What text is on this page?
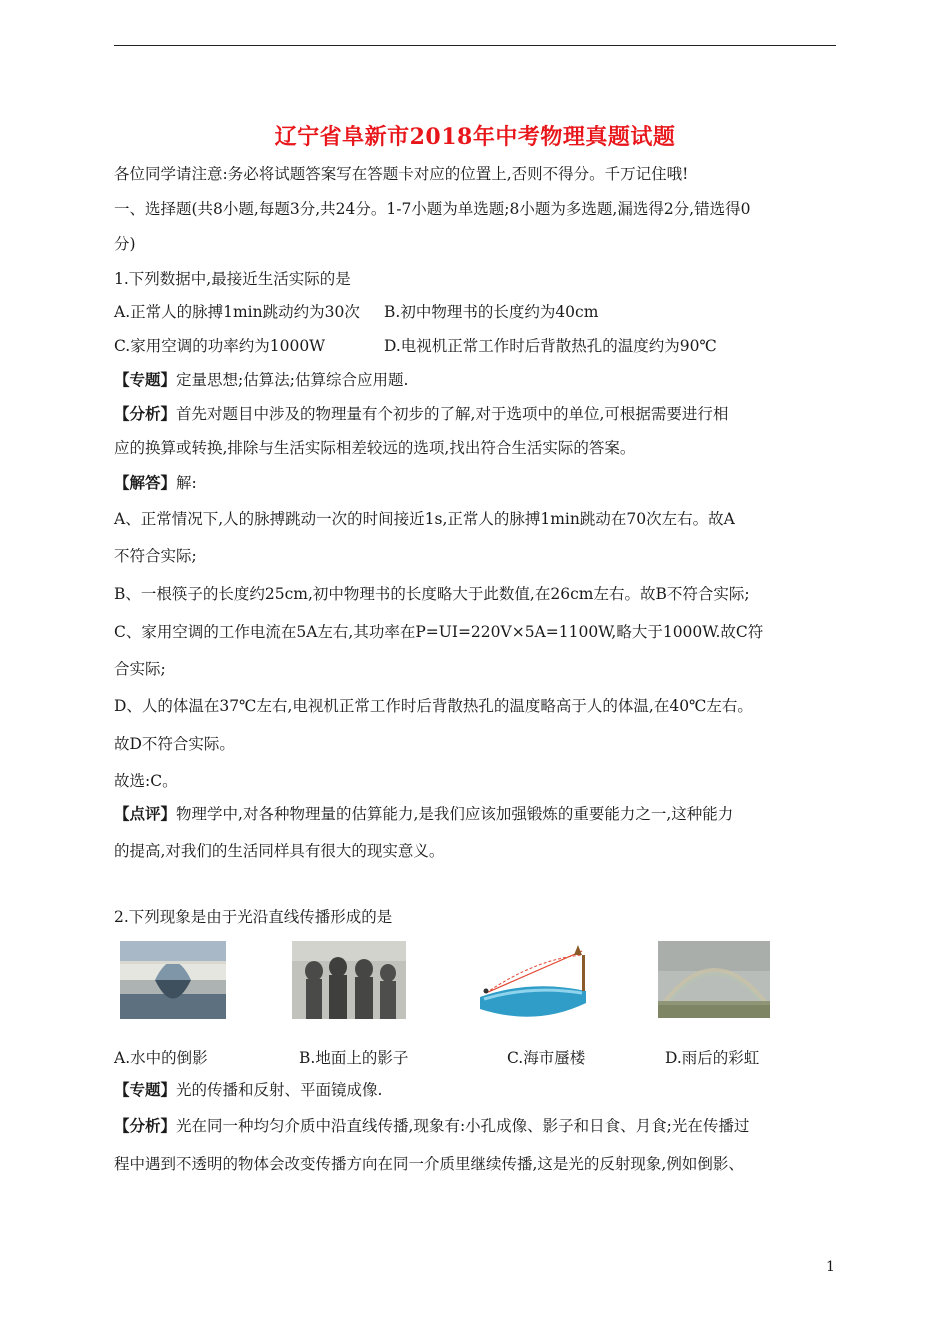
辽宁省阜新市2018年中考物理真题试题
各位同学请注意:务必将试题答案写在答题卡对应的位置上,否则不得分。千万记住哦!
一、选择题(共8小题,每题3分,共24分。1-7小题为单选题;8小题为多选题,漏选得2分,错选得0
分)
1.下列数据中,最接近生活实际的是
A.正常人的脉搏1min跳动约为30次 B.初中物理书的长度约为40cm
C.家用空调的功率约为1000W	D.电视机正常工作时后背散热孔的温度约为90℃
【专题】定量思想;估算法;估算综合应用题.
【分析】首先对题目中涉及的物理量有个初步的了解,对于选项中的单位,可根据需要进行相
应的换算或转换,排除与生活实际相差较远的选项,找出符合生活实际的答案。
【解答】解:
A、正常情况下,人的脉搏跳动一次的时间接近1s,正常人的脉搏1min跳动在70次左右。故A
不符合实际;
B、一根筷子的长度约25cm,初中物理书的长度略大于此数值,在26cm左右。故B不符合实际;
C、家用空调的工作电流在5A左右,其功率在P=UI=220V×5A=1100W,略大于1000W.故C符
合实际;
D、人的体温在37℃左右,电视机正常工作时后背散热孔的温度略高于人的体温,在40℃左右。
故D不符合实际。
故选:C。
【点评】物理学中,对各种物理量的估算能力,是我们应该加强锻炼的重要能力之一,这种能力
的提高,对我们的生活同样具有很大的现实意义。
2.下列现象是由于光沿直线传播形成的是
A.水中的倒影	B.地面上的影子	C.海市蜃楼	D.雨后的彩虹
【专题】光的传播和反射、平面镜成像.
【分析】光在同一种均匀介质中沿直线传播,现象有:小孔成像、影子和日食、月食;光在传播过
程中遇到不透明的物体会改变传播方向在同一介质里继续传播,这是光的反射现象,例如倒影、
1
